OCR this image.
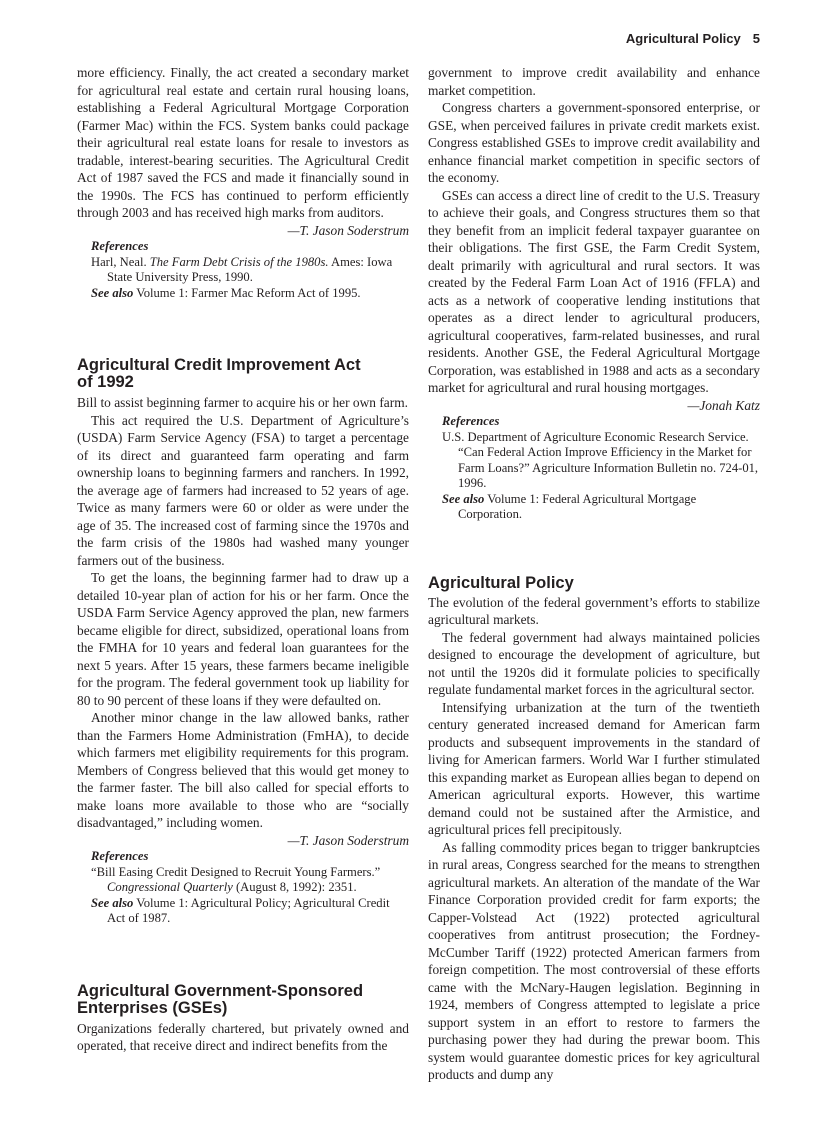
Agricultural Policy 5

more efficiency. Finally, the act created a secondary market for agricultural real estate and certain rural housing loans, establishing a Federal Agricultural Mortgage Corporation (Farmer Mac) within the FCS. System banks could package their agricultural real estate loans for resale to investors as tradable, interest-bearing securities. The Agricultural Credit Act of 1987 saved the FCS and made it financially sound in the 1990s. The FCS has continued to perform efficiently through 2003 and has received high marks from auditors.

—T. Jason Soderstrum
References
Harl, Neal. The Farm Debt Crisis of the 1980s. Ames: Iowa State University Press, 1990.
See also Volume 1: Farmer Mac Reform Act of 1995.
Agricultural Credit Improvement Act of 1992

Bill to assist beginning farmer to acquire his or her own farm.

This act required the U.S. Department of Agriculture’s (USDA) Farm Service Agency (FSA) to target a percentage of its direct and guaranteed farm operating and farm ownership loans to beginning farmers and ranchers. In 1992, the average age of farmers had increased to 52 years of age. Twice as many farmers were 60 or older as were under the age of 35. The increased cost of farming since the 1970s and the farm crisis of the 1980s had washed many younger farmers out of the business.

To get the loans, the beginning farmer had to draw up a detailed 10-year plan of action for his or her farm. Once the USDA Farm Service Agency approved the plan, new farmers became eligible for direct, subsidized, operational loans from the FMHA for 10 years and federal loan guarantees for the next 5 years. After 15 years, these farmers became ineligible for the program. The federal government took up liability for 80 to 90 percent of these loans if they were defaulted on.

Another minor change in the law allowed banks, rather than the Farmers Home Administration (FmHA), to decide which farmers met eligibility requirements for this program. Members of Congress believed that this would get money to the farmer faster. The bill also called for special efforts to make loans more available to those who are “socially disadvantaged,” including women.

—T. Jason Soderstrum
References
“Bill Easing Credit Designed to Recruit Young Farmers.” Congressional Quarterly (August 8, 1992): 2351.
See also Volume 1: Agricultural Policy; Agricultural Credit Act of 1987.
Agricultural Government-Sponsored Enterprises (GSEs)

Organizations federally chartered, but privately owned and operated, that receive direct and indirect benefits from the

government to improve credit availability and enhance market competition.

Congress charters a government-sponsored enterprise, or GSE, when perceived failures in private credit markets exist. Congress established GSEs to improve credit availability and enhance financial market competition in specific sectors of the economy.

GSEs can access a direct line of credit to the U.S. Treasury to achieve their goals, and Congress structures them so that they benefit from an implicit federal taxpayer guarantee on their obligations. The first GSE, the Farm Credit System, dealt primarily with agricultural and rural sectors. It was created by the Federal Farm Loan Act of 1916 (FFLA) and acts as a network of cooperative lending institutions that operates as a direct lender to agricultural producers, agricultural cooperatives, farm-related businesses, and rural residents. Another GSE, the Federal Agricultural Mortgage Corporation, was established in 1988 and acts as a secondary market for agricultural and rural housing mortgages.

—Jonah Katz
References
U.S. Department of Agriculture Economic Research Service. “Can Federal Action Improve Efficiency in the Market for Farm Loans?” Agriculture Information Bulletin no. 724-01, 1996.
See also Volume 1: Federal Agricultural Mortgage Corporation.
Agricultural Policy

The evolution of the federal government’s efforts to stabilize agricultural markets.

The federal government had always maintained policies designed to encourage the development of agriculture, but not until the 1920s did it formulate policies to specifically regulate fundamental market forces in the agricultural sector.

Intensifying urbanization at the turn of the twentieth century generated increased demand for American farm products and subsequent improvements in the standard of living for American farmers. World War I further stimulated this expanding market as European allies began to depend on American agricultural exports. However, this wartime demand could not be sustained after the Armistice, and agricultural prices fell precipitously.

As falling commodity prices began to trigger bankruptcies in rural areas, Congress searched for the means to strengthen agricultural markets. An alteration of the mandate of the War Finance Corporation provided credit for farm exports; the Capper-Volstead Act (1922) protected agricultural cooperatives from antitrust prosecution; the Fordney-McCumber Tariff (1922) protected American farmers from foreign competition. The most controversial of these efforts came with the McNary-Haugen legislation. Beginning in 1924, members of Congress attempted to legislate a price support system in an effort to restore to farmers the purchasing power they had during the prewar boom. This system would guarantee domestic prices for key agricultural products and dump any
